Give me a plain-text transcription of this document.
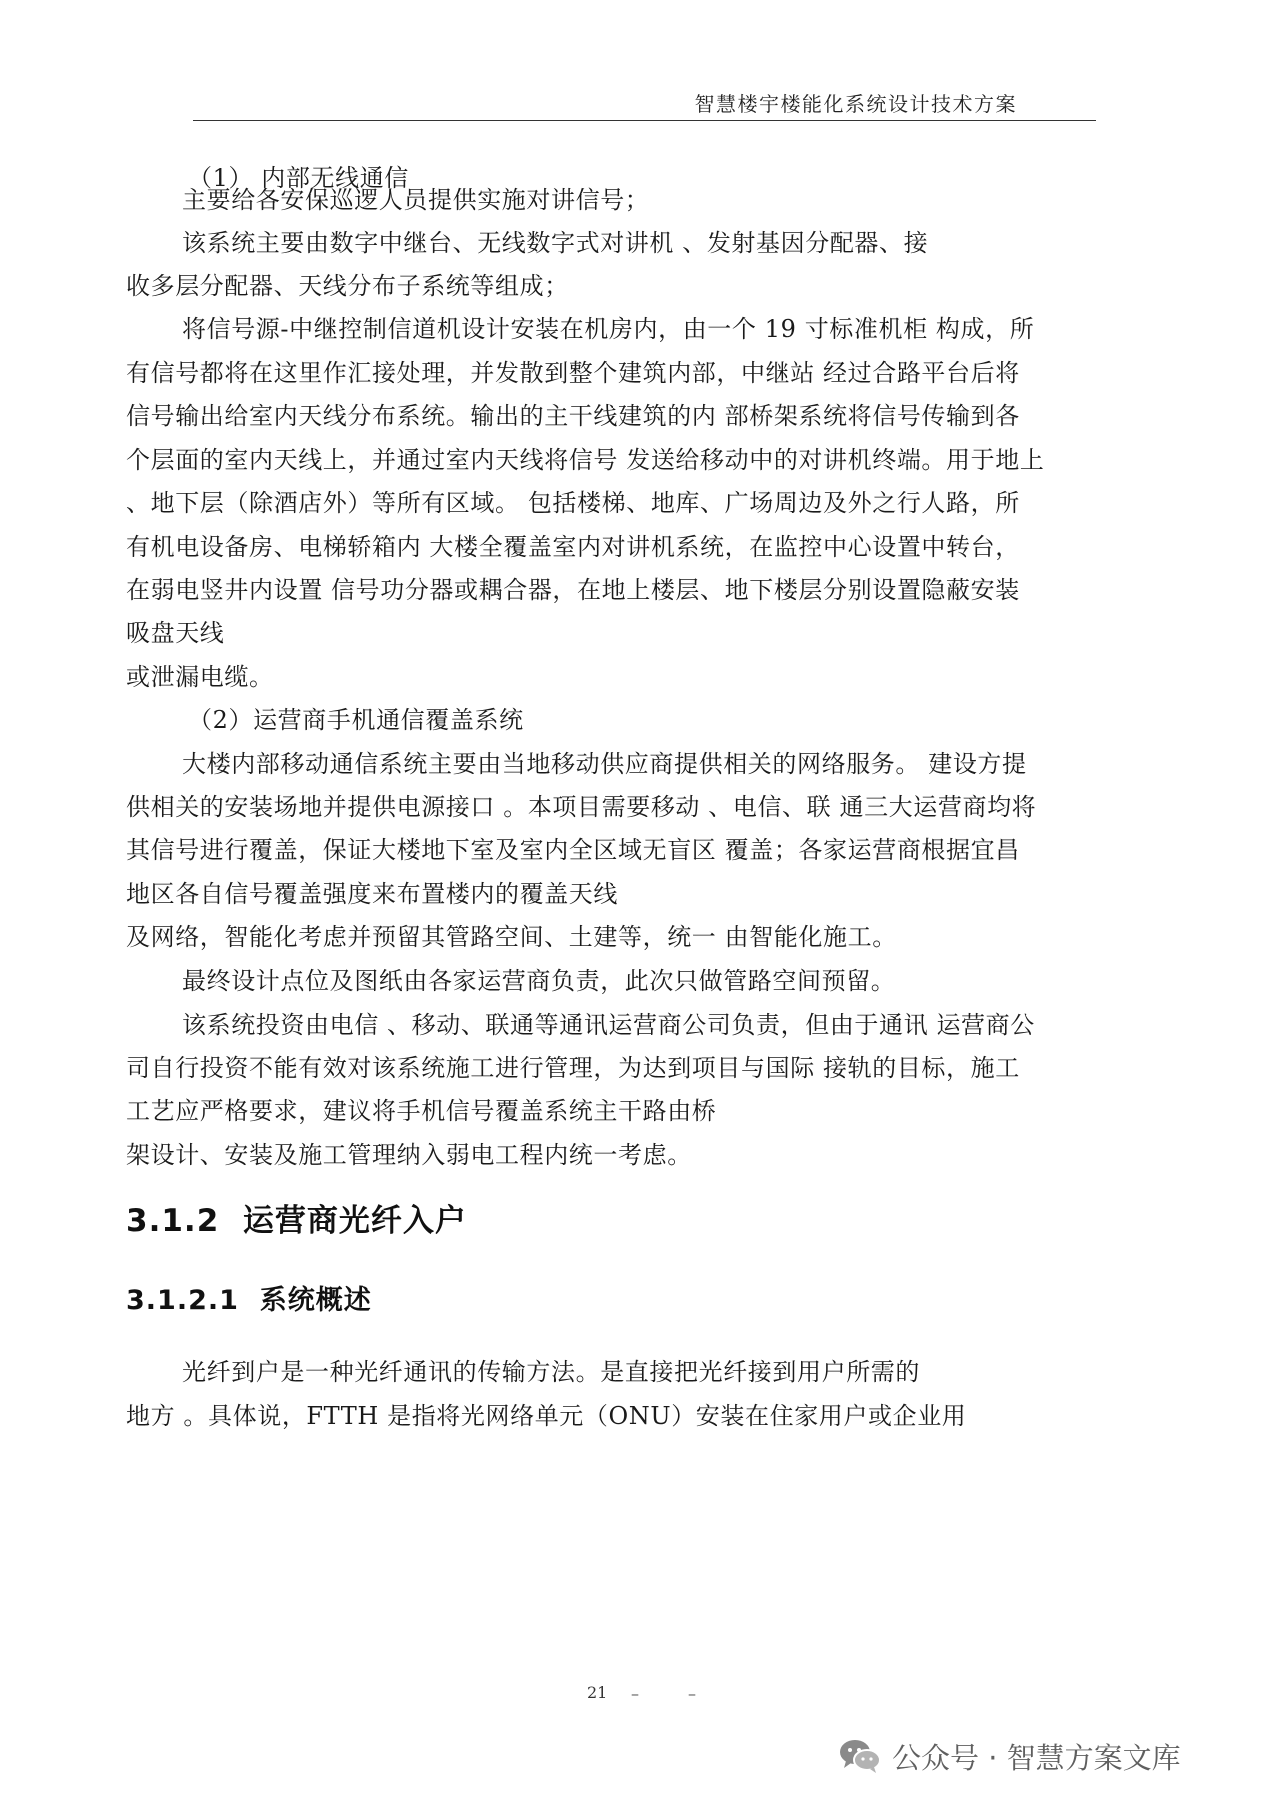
智慧楼宇楼能化系统设计技术方案
（1） 内部无线通信
主要给各安保巡逻人员提供实施对讲信号；
该系统主要由数字中继台、无线数字式对讲机 、发射基因分配器、接
收多层分配器、天线分布子系统等组成；
将信号源-中继控制信道机设计安装在机房内，由一个 19 寸标准机柜 构成，所
有信号都将在这里作汇接处理，并发散到整个建筑内部，中继站 经过合路平台后将
信号输出给室内天线分布系统。输出的主干线建筑的内 部桥架系统将信号传输到各
个层面的室内天线上，并通过室内天线将信号 发送给移动中的对讲机终端。用于地上
、地下层（除酒店外）等所有区域。 包括楼梯、地库、广场周边及外之行人路，所
有机电设备房、电梯轿箱内 大楼全覆盖室内对讲机系统，在监控中心设置中转台，
在弱电竖井内设置 信号功分器或耦合器，在地上楼层、地下楼层分别设置隐蔽安装
吸盘天线
或泄漏电缆。
（2）运营商手机通信覆盖系统
大楼内部移动通信系统主要由当地移动供应商提供相关的网络服务。 建设方提
供相关的安装场地并提供电源接口 。本项目需要移动 、电信、联 通三大运营商均将
其信号进行覆盖，保证大楼地下室及室内全区域无盲区 覆盖；各家运营商根据宜昌
地区各自信号覆盖强度来布置楼内的覆盖天线
及网络，智能化考虑并预留其管路空间、土建等，统一 由智能化施工。
最终设计点位及图纸由各家运营商负责，此次只做管路空间预留。
该系统投资由电信 、移动、联通等通讯运营商公司负责，但由于通讯 运营商公
司自行投资不能有效对该系统施工进行管理，为达到项目与国际 接轨的目标，施工
工艺应严格要求，建议将手机信号覆盖系统主干路由桥
架设计、安装及施工管理纳入弱电工程内统一考虑。
3.1.2  运营商光纤入户
3.1.2.1  系统概述
光纤到户是一种光纤通讯的传输方法。是直接把光纤接到用户所需的
地方 。具体说，FTTH 是指将光网络单元（ONU）安装在住家用户或企业用
21 –	–
公众号 · 智慧方案文库
